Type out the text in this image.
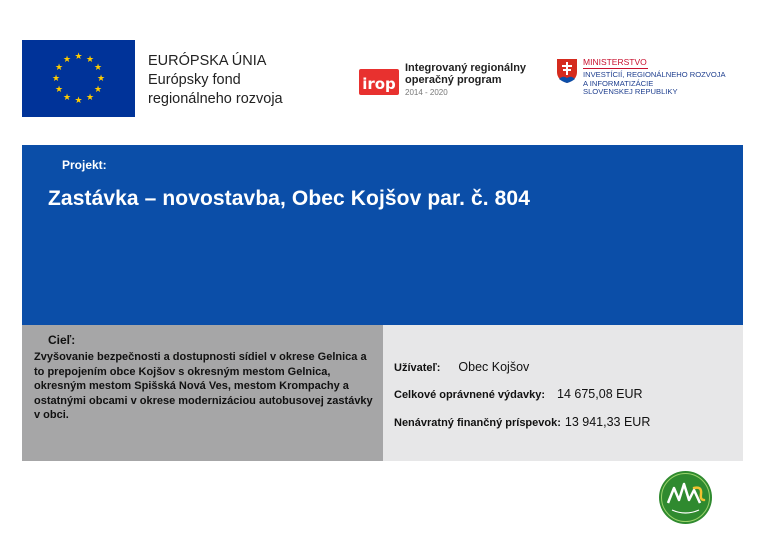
★ ★
★
★
★
★
★
★
★
★
★
★	EURÓPSKA ÚNIA
Európsky fond
regionálneho rozvoja
irop
Integrovaný regionálny
operačný program
2014 - 2020
MINISTERSTVO
INVESTÍCIÍ, REGIONÁLNEHO ROZVOJA
A INFORMATIZÁCIE
SLOVENSKEJ REPUBLIKY
Projekt:
Zastávka – novostavba, Obec Kojšov par. č. 804
Cieľ:
Zvyšovanie bezpečnosti a dostupnosti sídiel v okrese Gelnica a to prepojením obce Kojšov s okresným mestom Gelnica, okresným mestom Spišská Nová Ves, mestom Krompachy a ostatnými obcami v okrese modernizáciou autobusovej zastávky v obci.
Užívateľ: Obec Kojšov
Celkové oprávnené výdavky: 14 675,08 EUR
Nenávratný finančný príspevok: 13 941,33 EUR
